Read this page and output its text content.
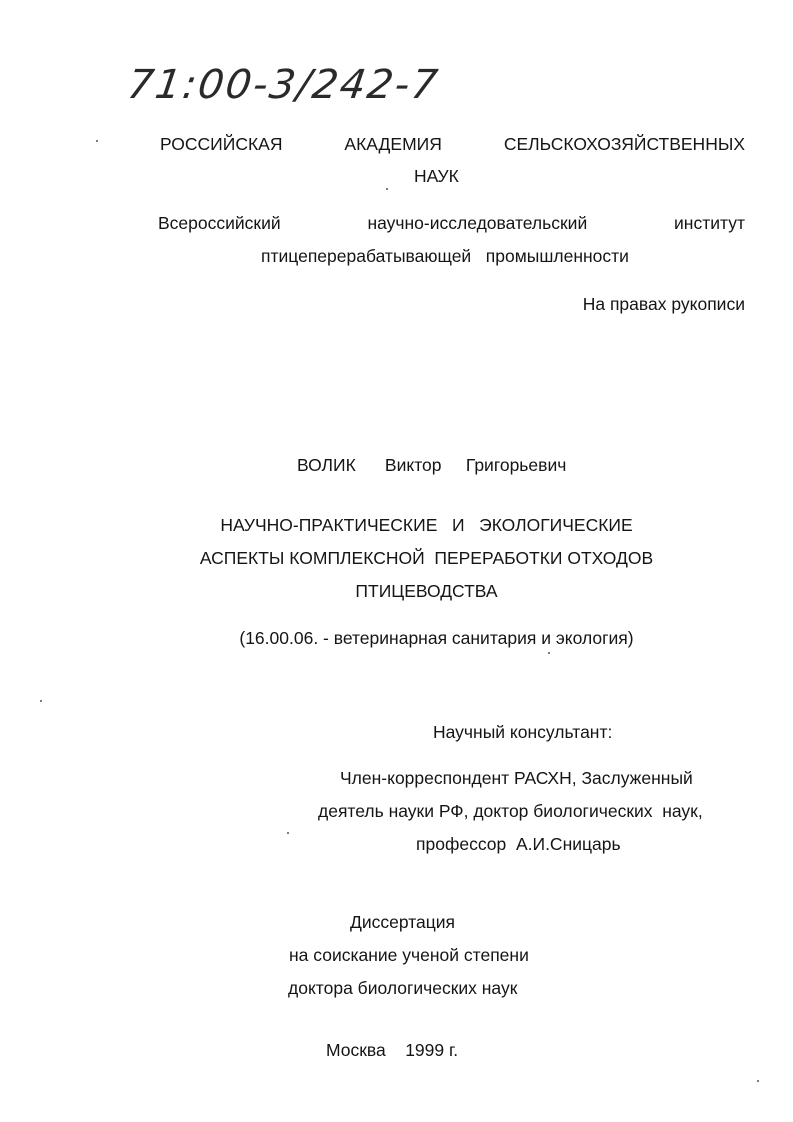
71:00-3/242-7
РОССИЙСКАЯ	АКАДЕМИЯ	СЕЛЬСКОХОЗЯЙСТВЕННЫХ
НАУК
Всероссийский	научно-исследовательский	институт
птицеперерабатывающей   промышленности
На правах рукописи
ВОЛИК      Виктор     Григорьевич
НАУЧНО-ПРАКТИЧЕСКИЕ   И   ЭКОЛОГИЧЕСКИЕ
АСПЕКТЫ КОМПЛЕКСНОЙ  ПЕРЕРАБОТКИ ОТХОДОВ
ПТИЦЕВОДСТВА
(16.00.06. - ветеринарная санитария и экология)
Научный консультант:
Член-корреспондент РАСХН, Заслуженный
деятель науки РФ, доктор биологических  наук,
профессор  А.И.Сницарь
Диссертация
на соискание ученой степени
доктора биологических наук
Москва    1999 г.
